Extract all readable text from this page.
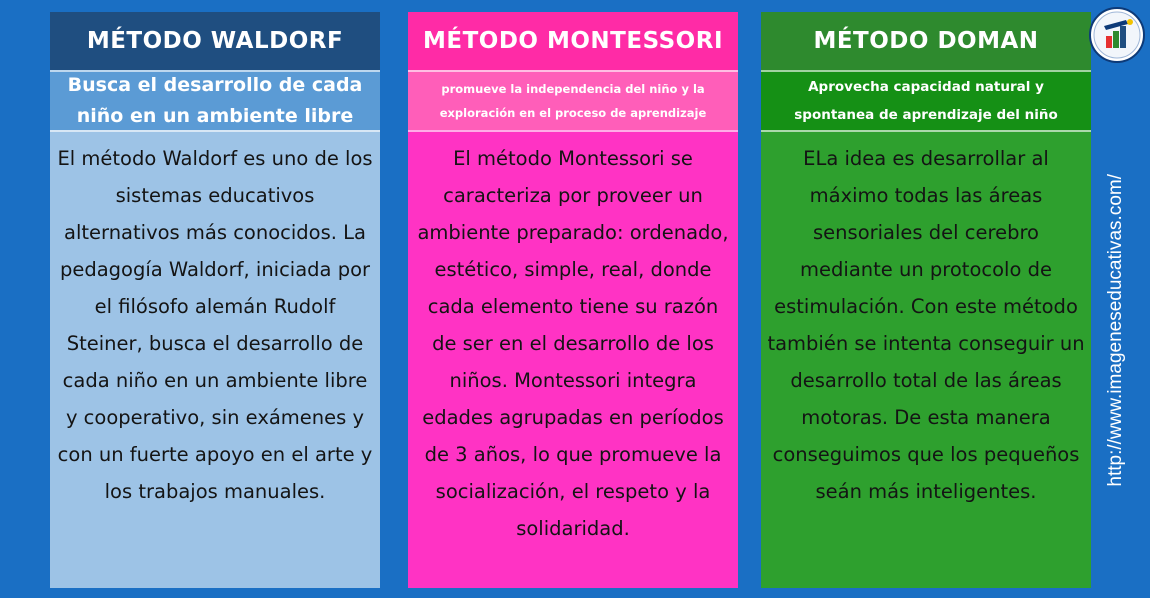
MÉTODO WALDORF
Busca el desarrollo de cada niño en un ambiente libre
El método Waldorf es uno de los sistemas educativos alternativos más conocidos. La pedagogía Waldorf, iniciada por el filósofo alemán Rudolf Steiner, busca el desarrollo de cada niño en un ambiente libre y cooperativo, sin exámenes y con un fuerte apoyo en el arte y los trabajos manuales.
MÉTODO MONTESSORI
promueve la independencia del niño y la exploración en el proceso de aprendizaje
El método Montessori se caracteriza por proveer un ambiente preparado: ordenado, estético, simple, real, donde cada elemento tiene su razón de ser en el desarrollo de los niños. Montessori integra edades agrupadas en períodos de 3 años, lo que promueve la socialización, el respeto y la solidaridad.
MÉTODO DOMAN
Aprovecha capacidad natural y spontanea de aprendizaje del niño
ELa idea es desarrollar al máximo todas las áreas sensoriales del cerebro mediante un protocolo de estimulación. Con este método también se intenta conseguir un desarrollo total de las áreas motoras. De esta manera conseguimos que los pequeños seán más inteligentes.
http://www.imageneseducativas.com/
